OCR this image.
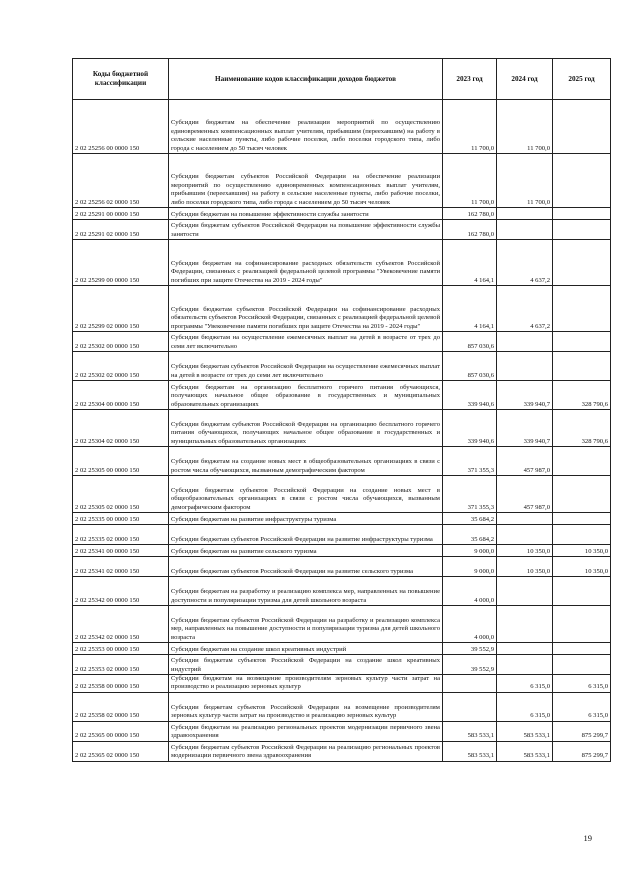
Коды бюджетной классификации	Наименование кодов классификации доходов бюджетов	2023 год	2024 год	2025 год
2 02 25256 00 0000 150	Субсидии бюджетам на обеспечение реализации мероприятий по осуществлению единовременных компенсационных выплат учителям, прибывшим (переехавшим) на работу в сельские населенные пункты, либо рабочие поселки, либо поселки городского типа, либо города с населением до 50 тысяч человек	11 700,0	11 700,0	
2 02 25256 02 0000 150	Субсидии бюджетам субъектов Российской Федерации на обеспечение реализации мероприятий по осуществлению единовременных компенсационных выплат учителям, прибывшим (переехавшим) на работу в сельские населенные пункты, либо рабочие поселки, либо поселки городского типа, либо города с населением до 50 тысяч человек	11 700,0	11 700,0	
2 02 25291 00 0000 150	Субсидии бюджетам на повышение эффективности службы занятости	162 780,0		
2 02 25291 02 0000 150	Субсидии бюджетам субъектов Российской Федерации на повышение эффективности службы занятости	162 780,0		
2 02 25299 00 0000 150	Субсидии бюджетам на софинансирование расходных обязательств субъектов Российской Федерации, связанных с реализацией федеральной целевой программы "Увековечение памяти погибших при защите Отечества на 2019 - 2024 годы"	4 164,1	4 637,2	
2 02 25299 02 0000 150	Субсидии бюджетам субъектов Российской Федерации на софинансирование расходных обязательств субъектов Российской Федерации, связанных с реализацией федеральной целевой программы "Увековечение памяти погибших при защите Отечества на 2019 - 2024 годы"	4 164,1	4 637,2	
2 02 25302 00 0000 150	Субсидии бюджетам на осуществление ежемесячных выплат на детей в возрасте от трех до семи лет включительно	857 030,6		
2 02 25302 02 0000 150	Субсидии бюджетам субъектов Российской Федерации на осуществление ежемесячных выплат на детей в возрасте от трех до семи лет включительно	857 030,6		
2 02 25304 00 0000 150	Субсидии бюджетам на организацию бесплатного горячего питания обучающихся, получающих начальное общее образование в государственных и муниципальных образовательных организациях	339 940,6	339 940,7	328 790,6
2 02 25304 02 0000 150	Субсидии бюджетам субъектов Российской Федерации на организацию бесплатного горячего питания обучающихся, получающих начальное общее образование в государственных и муниципальных образовательных организациях	339 940,6	339 940,7	328 790,6
2 02 25305 00 0000 150	Субсидии бюджетам на создание новых мест в общеобразовательных организациях в связи с ростом числа обучающихся, вызванным демографическим фактором	371 355,3	457 987,0	
2 02 25305 02 0000 150	Субсидии бюджетам субъектов Российской Федерации на создание новых мест в общеобразовательных организациях в связи с ростом числа обучающихся, вызванным демографическим фактором	371 355,3	457 987,0	
2 02 25335 00 0000 150	Субсидии бюджетам на развитие инфраструктуры туризма	35 684,2		
2 02 25335 02 0000 150	Субсидии бюджетам субъектов Российской Федерации на развитие инфраструктуры туризма	35 684,2		
2 02 25341 00 0000 150	Субсидии бюджетам на развитие сельского туризма	9 000,0	10 350,0	10 350,0
2 02 25341 02 0000 150	Субсидии бюджетам субъектов Российской Федерации на развитие сельского туризма	9 000,0	10 350,0	10 350,0
2 02 25342 00 0000 150	Субсидии бюджетам на разработку и реализацию комплекса мер, направленных на повышение доступности и популяризации туризма для детей школьного возраста	4 000,0		
2 02 25342 02 0000 150	Субсидии бюджетам субъектов Российской Федерации на разработку и реализацию комплекса мер, направленных на повышение доступности и популяризации туризма для детей школьного возраста	4 000,0		
2 02 25353 00 0000 150	Субсидии бюджетам на создание школ креативных индустрий	39 552,9		
2 02 25353 02 0000 150	Субсидии бюджетам субъектов Российской Федерации на создание школ креативных индустрий	39 552,9		
2 02 25358 00 0000 150	Субсидии бюджетам на возмещение производителям зерновых культур части затрат на производство и реализацию зерновых культур		6 315,0	6 315,0
2 02 25358 02 0000 150	Субсидии бюджетам субъектов Российской Федерации на возмещение производителям зерновых культур части затрат на производство и реализацию зерновых культур		6 315,0	6 315,0
2 02 25365 00 0000 150	Субсидии бюджетам на реализацию региональных проектов модернизации первичного звена здравоохранения	583 533,1	583 533,1	875 299,7
2 02 25365 02 0000 150	Субсидии бюджетам субъектов Российской Федерации на реализацию региональных проектов модернизации первичного звена здравоохранения	583 533,1	583 533,1	875 299,7
19
